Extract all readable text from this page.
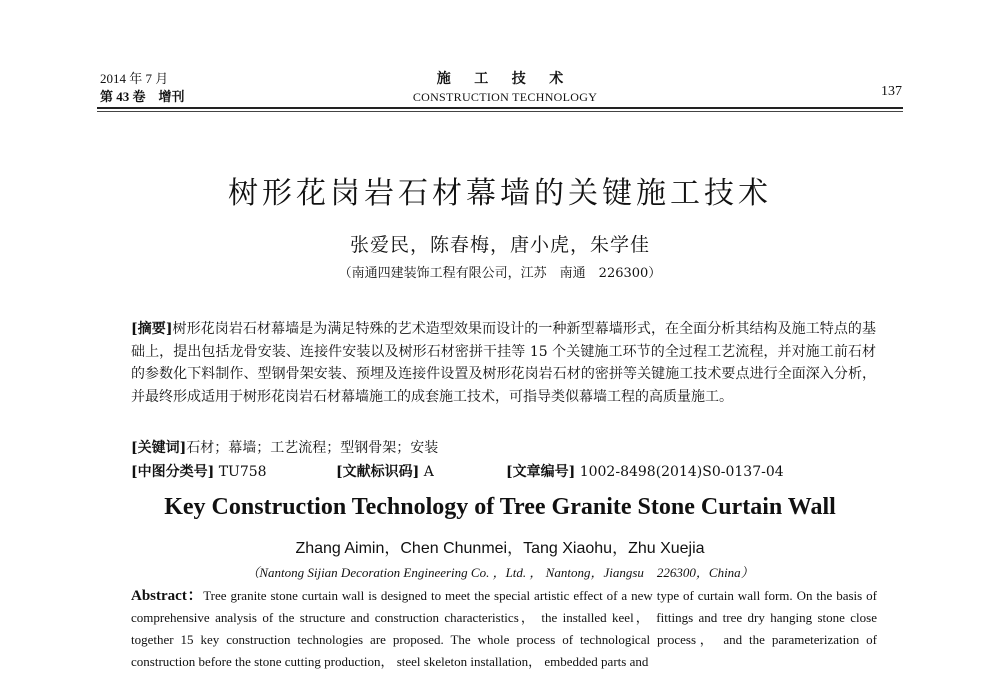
2014 年 7 月
第 43 卷　增刊
施 工 技 术
CONSTRUCTION TECHNOLOGY	137
树形花岗岩石材幕墙的关键施工技术
张爱民，陈春梅，唐小虎，朱学佳
（南通四建装饰工程有限公司，江苏　南通　226300）
[摘要]树形花岗岩石材幕墙是为满足特殊的艺术造型效果而设计的一种新型幕墙形式，在全面分析其结构及施工特点的基础上，提出包括龙骨安装、连接件安装以及树形石材密拼干挂等 15 个关键施工环节的全过程工艺流程，并对施工前石材的参数化下料制作、型钢骨架安装、预埋及连接件设置及树形花岗岩石材的密拼等关键施工技术要点进行全面深入分析，并最终形成适用于树形花岗岩石材幕墙施工的成套施工技术，可指导类似幕墙工程的高质量施工。
[关键词]石材；幕墙；工艺流程；型钢骨架；安装
[中图分类号] TU758	[文献标识码] A	[文章编号] 1002-8498(2014)S0-0137-04
Key Construction Technology of Tree Granite Stone Curtain Wall
Zhang Aimin，Chen Chunmei，Tang Xiaohu，Zhu Xuejia
（Nantong Sijian Decoration Engineering Co. ，Ltd. ， Nantong，Jiangsu　226300，China）
Abstract：Tree granite stone curtain wall is designed to meet the special artistic effect of a new type of curtain wall form. On the basis of comprehensive analysis of the structure and construction characteristics， the installed keel， fittings and tree dry hanging stone close together 15 key construction technologies are proposed. The whole process of technological process， and the parameterization of construction before the stone cutting production， steel skeleton installation， embedded parts and
